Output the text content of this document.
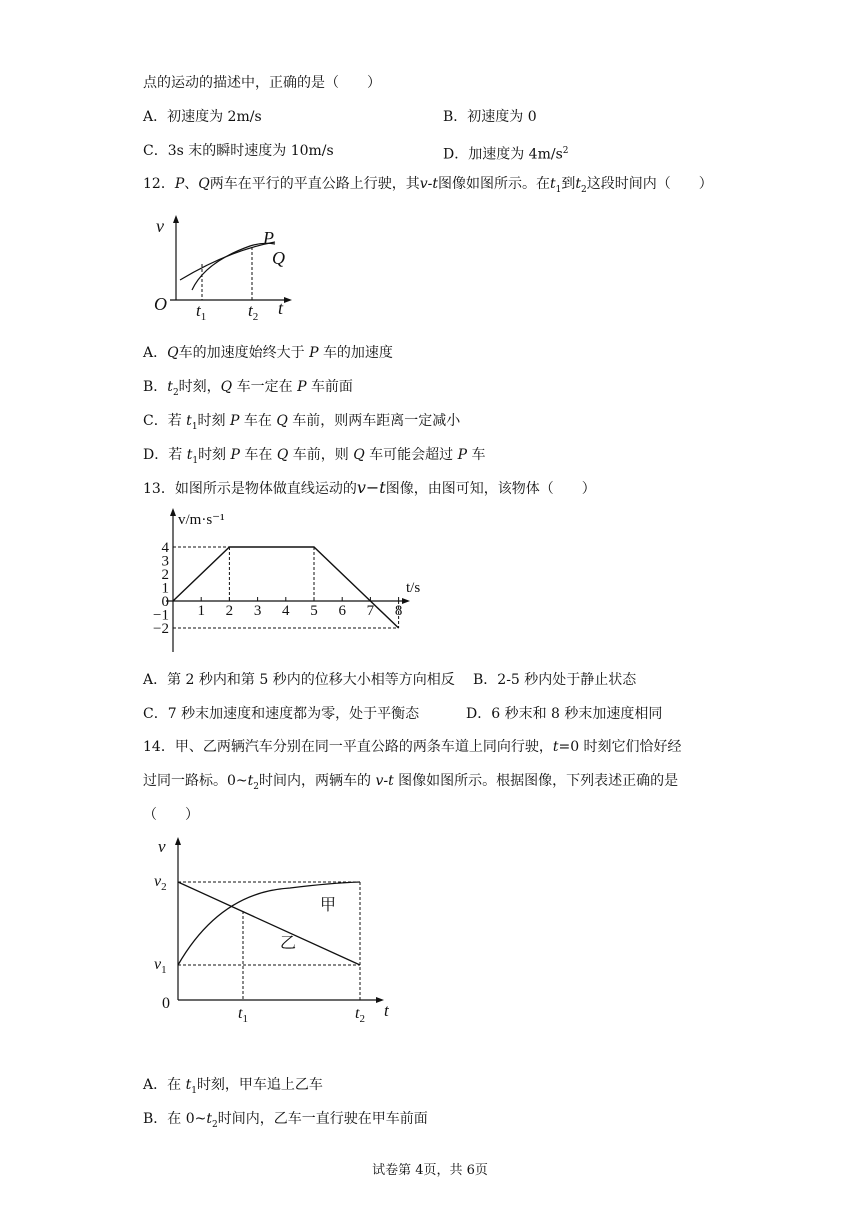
点的运动的描述中，正确的是（　　）
A．初速度为 2m/s	B．初速度为 0
C．3s 末的瞬时速度为 10m/s	D．加速度为 $4m/s^2$
12．P、Q两车在平行的平直公路上行驶，其v-t图像如图所示。在$t_1$到$t_2$这段时间内（　　）
v
O
P
Q
$t_1$ $t_2$ t
A．Q车的加速度始终大于 P 车的加速度
B．$t_2$时刻，Q 车一定在 P 车前面
C．若 $t_1$时刻 P 车在 Q 车前，则两车距离一定减小
D．若 $t_1$时刻 P 车在 Q 车前，则 Q 车可能会超过 P 车
13．如图所示是物体做直线运动的v−t图像，由图可知，该物体（　　）
1 2 3 4 5 6 7 8
4
3
2
1
0
−1
−2
v/m·s⁻¹
t/s
A．第 2 秒内和第 5 秒内的位移大小相等方向相反 B．2-5 秒内处于静止状态
C．7 秒末加速度和速度都为零，处于平衡态	D．6 秒末和 8 秒末加速度相同
14．甲、乙两辆汽车分别在同一平直公路的两条车道上同向行驶，t=0 时刻它们恰好经
过同一路标。$0\sim t_2$时间内，两辆车的 v-t 图像如图所示。根据图像，下列表述正确的是
（　　）
v
$v_2$
$v_1$
0
$t_1$	$t_2$ t
甲
乙
A．在 $t_1$时刻，甲车追上乙车
B．在 $0\sim t_2$时间内，乙车一直行驶在甲车前面
试卷第 4页，共 6页
